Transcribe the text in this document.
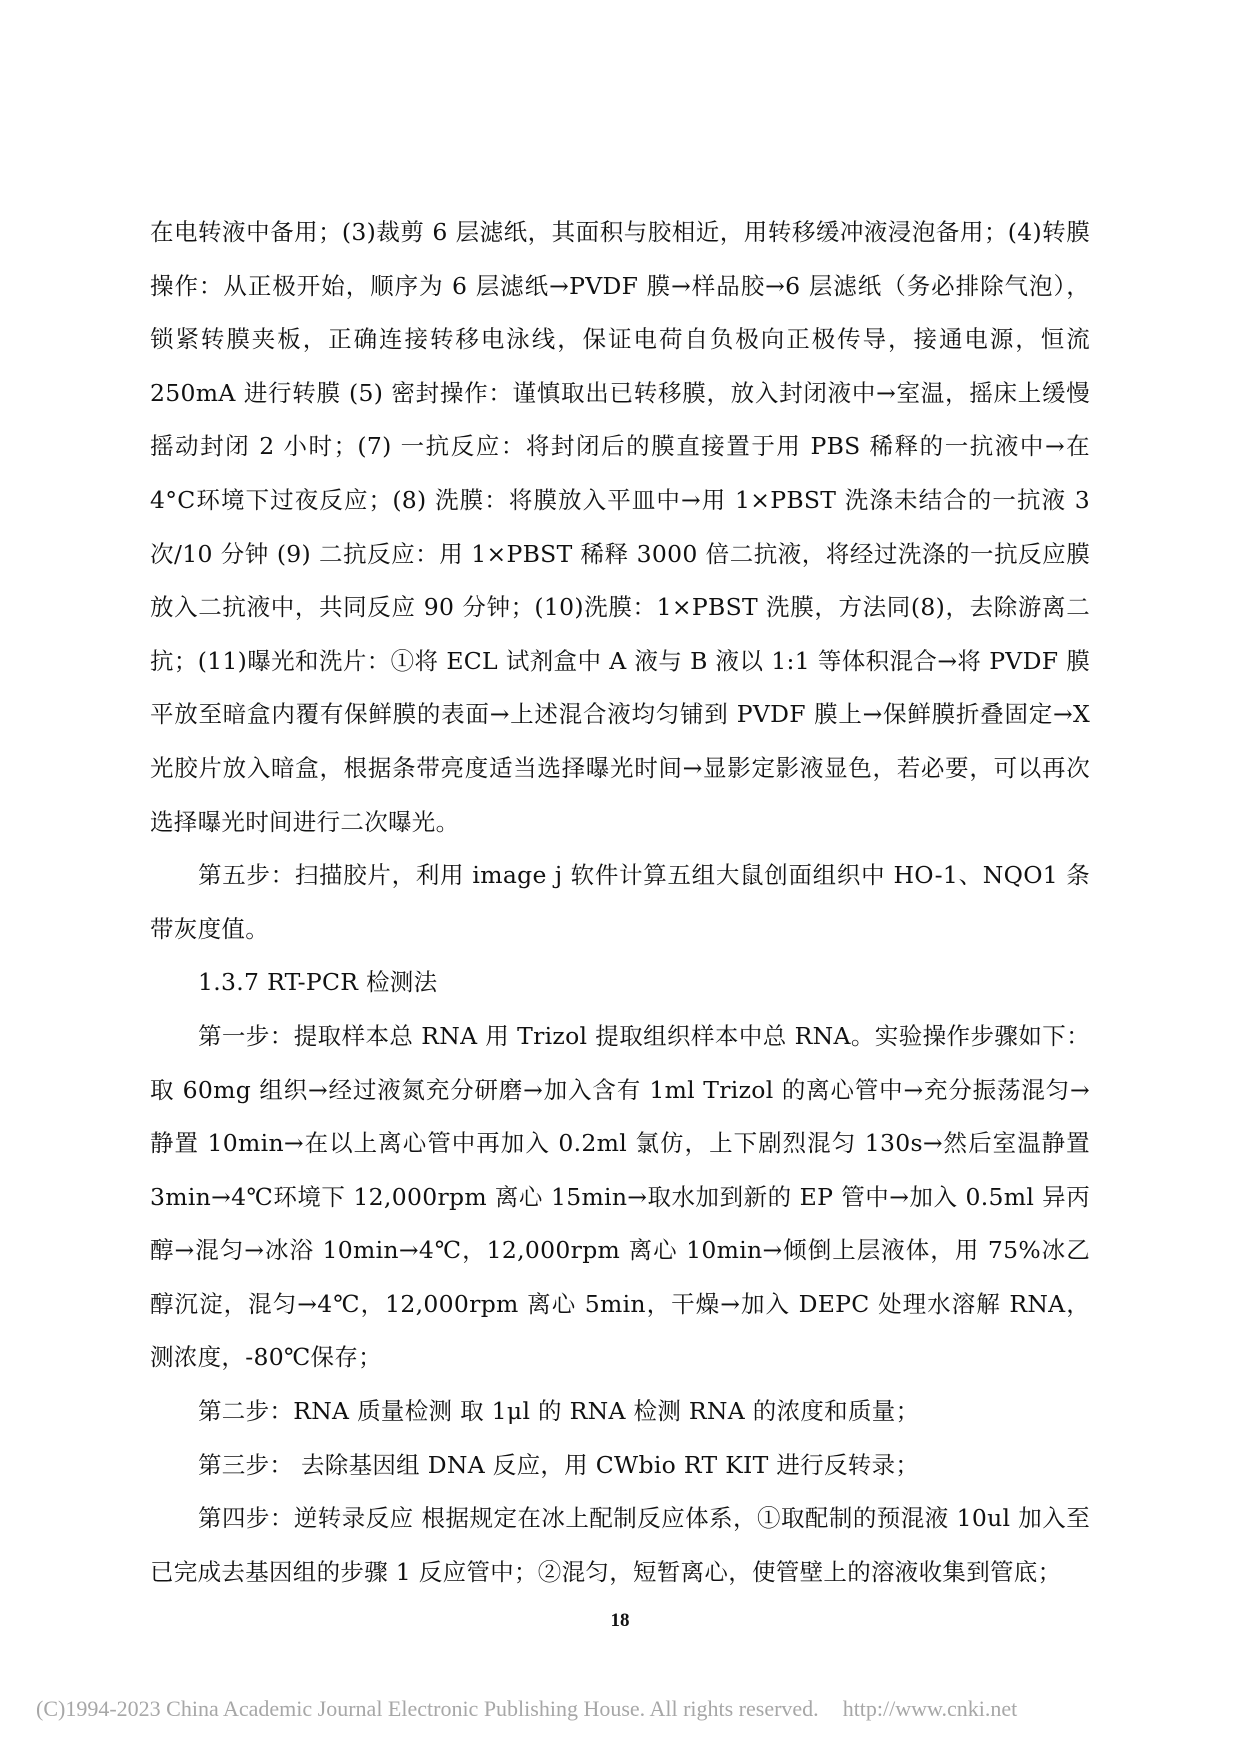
在电转液中备用；(3)裁剪 6 层滤纸，其面积与胶相近，用转移缓冲液浸泡备用；(4)转膜操作：从正极开始，顺序为 6 层滤纸→PVDF 膜→样品胶→6 层滤纸（务必排除气泡），锁紧转膜夹板，正确连接转移电泳线，保证电荷自负极向正极传导，接通电源，恒流 250mA 进行转膜 (5) 密封操作：谨慎取出已转移膜，放入封闭液中→室温，摇床上缓慢摇动封闭 2 小时；(7) 一抗反应：将封闭后的膜直接置于用 PBS 稀释的一抗液中→在 4°C环境下过夜反应；(8) 洗膜：将膜放入平皿中→用 1×PBST 洗涤未结合的一抗液 3 次/10 分钟 (9) 二抗反应：用 1×PBST 稀释 3000 倍二抗液，将经过洗涤的一抗反应膜放入二抗液中，共同反应 90 分钟；(10)洗膜：1×PBST 洗膜，方法同(8)，去除游离二抗；(11)曝光和洗片：①将 ECL 试剂盒中 A 液与 B 液以 1:1 等体积混合→将 PVDF 膜平放至暗盒内覆有保鲜膜的表面→上述混合液均匀铺到 PVDF 膜上→保鲜膜折叠固定→X 光胶片放入暗盒，根据条带亮度适当选择曝光时间→显影定影液显色，若必要，可以再次选择曝光时间进行二次曝光。

第五步：扫描胶片，利用 image j 软件计算五组大鼠创面组织中 HO-1、NQO1 条带灰度值。

1.3.7 RT-PCR 检测法

第一步：提取样本总 RNA 用 Trizol 提取组织样本中总 RNA。实验操作步骤如下：取 60mg 组织→经过液氮充分研磨→加入含有 1ml Trizol 的离心管中→充分振荡混匀→静置 10min→在以上离心管中再加入 0.2ml 氯仿，上下剧烈混匀 130s→然后室温静置 3min→4℃环境下 12,000rpm 离心 15min→取水加到新的 EP 管中→加入 0.5ml 异丙醇→混匀→冰浴 10min→4℃，12,000rpm 离心 10min→倾倒上层液体，用 75%冰乙醇沉淀，混匀→4℃，12,000rpm 离心 5min，干燥→加入 DEPC 处理水溶解 RNA，测浓度，-80℃保存；

第二步：RNA 质量检测 取 1μl 的 RNA 检测 RNA 的浓度和质量；

第三步： 去除基因组 DNA 反应，用 CWbio RT KIT 进行反转录；

第四步：逆转录反应 根据规定在冰上配制反应体系，①取配制的预混液 10ul 加入至已完成去基因组的步骤 1 反应管中；②混匀，短暂离心，使管壁上的溶液收集到管底；

18
(C)1994-2023 China Academic Journal Electronic Publishing House. All rights reserved. http://www.cnki.net
